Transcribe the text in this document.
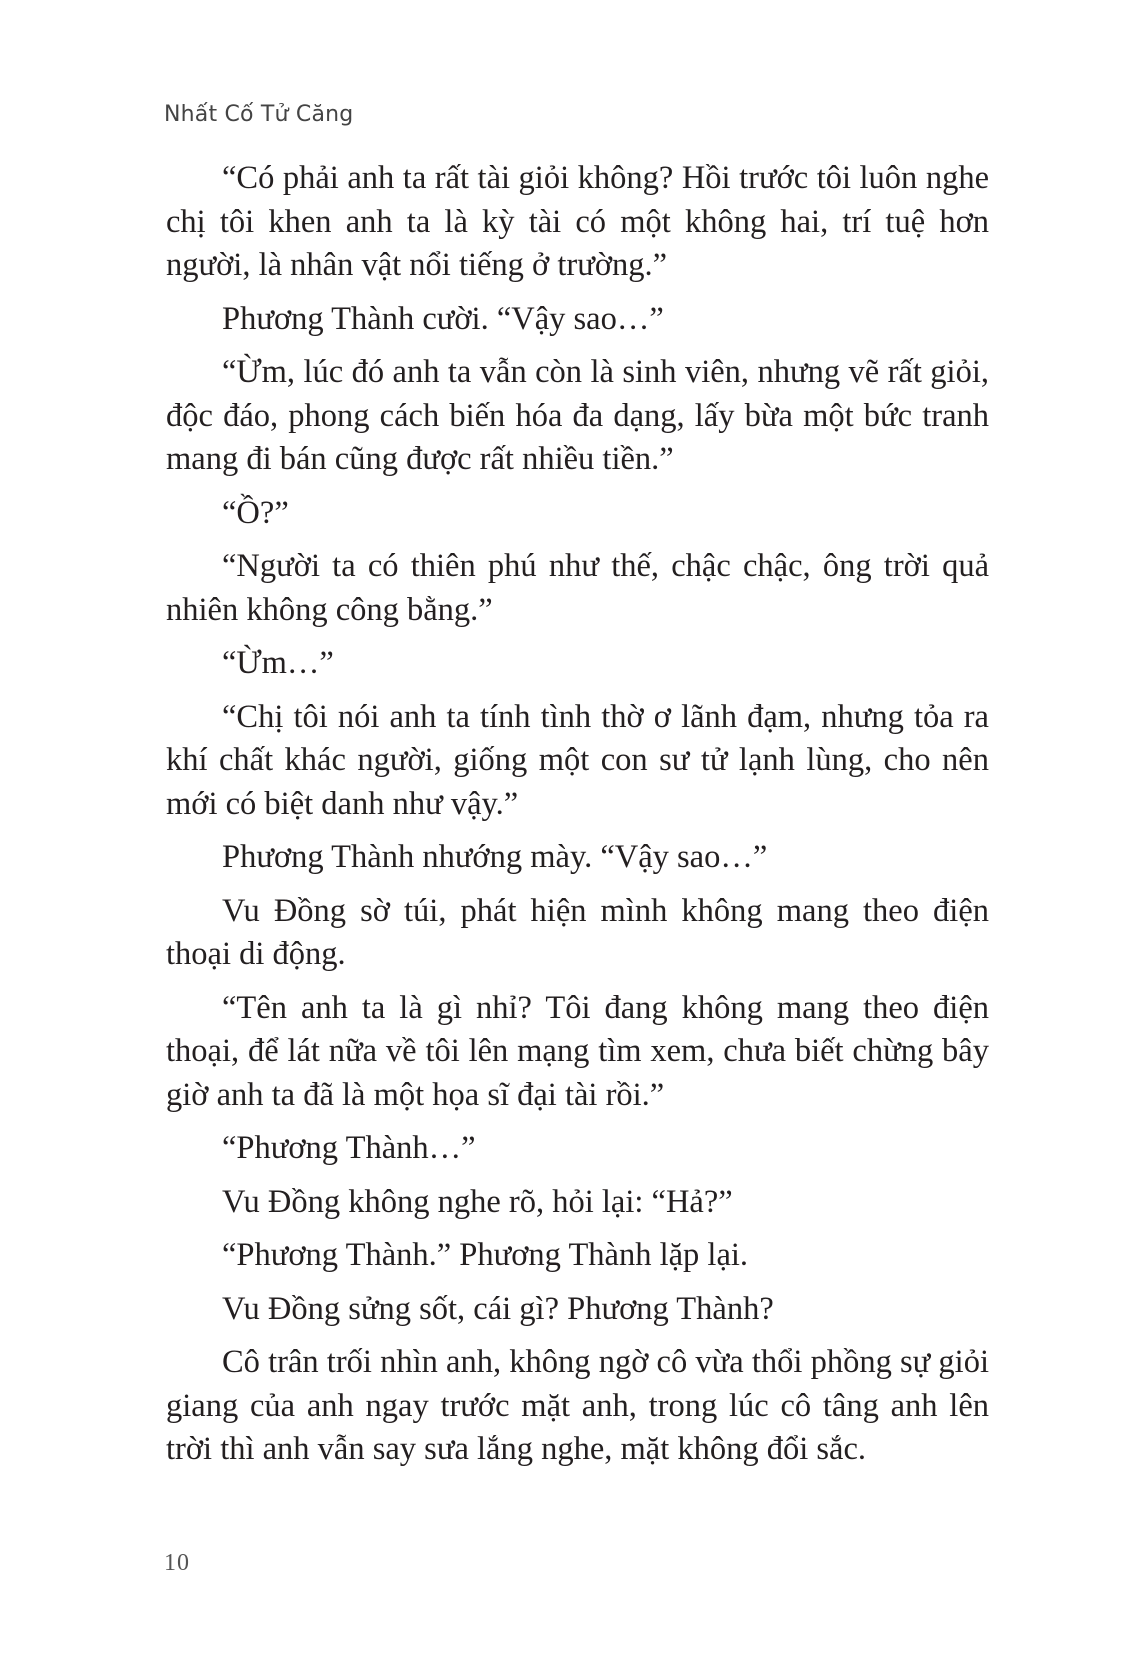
Nhất Cố Tử Căng

“Có phải anh ta rất tài giỏi không? Hồi trước tôi luôn nghe chị tôi khen anh ta là kỳ tài có một không hai, trí tuệ hơn người, là nhân vật nổi tiếng ở trường.”

Phương Thành cười. “Vậy sao…”

“Ừm, lúc đó anh ta vẫn còn là sinh viên, nhưng vẽ rất giỏi, độc đáo, phong cách biến hóa đa dạng, lấy bừa một bức tranh mang đi bán cũng được rất nhiều tiền.”

“Ồ?”

“Người ta có thiên phú như thế, chậc chậc, ông trời quả nhiên không công bằng.”

“Ừm…”

“Chị tôi nói anh ta tính tình thờ ơ lãnh đạm, nhưng tỏa ra khí chất khác người, giống một con sư tử lạnh lùng, cho nên mới có biệt danh như vậy.”

Phương Thành nhướng mày. “Vậy sao…”

Vu Đồng sờ túi, phát hiện mình không mang theo điện thoại di động.

“Tên anh ta là gì nhỉ? Tôi đang không mang theo điện thoại, để lát nữa về tôi lên mạng tìm xem, chưa biết chừng bây giờ anh ta đã là một họa sĩ đại tài rồi.”

“Phương Thành…”

Vu Đồng không nghe rõ, hỏi lại: “Hả?”

“Phương Thành.” Phương Thành lặp lại.

Vu Đồng sửng sốt, cái gì? Phương Thành?

Cô trân trối nhìn anh, không ngờ cô vừa thổi phồng sự giỏi giang của anh ngay trước mặt anh, trong lúc cô tâng anh lên trời thì anh vẫn say sưa lắng nghe, mặt không đổi sắc.

10
